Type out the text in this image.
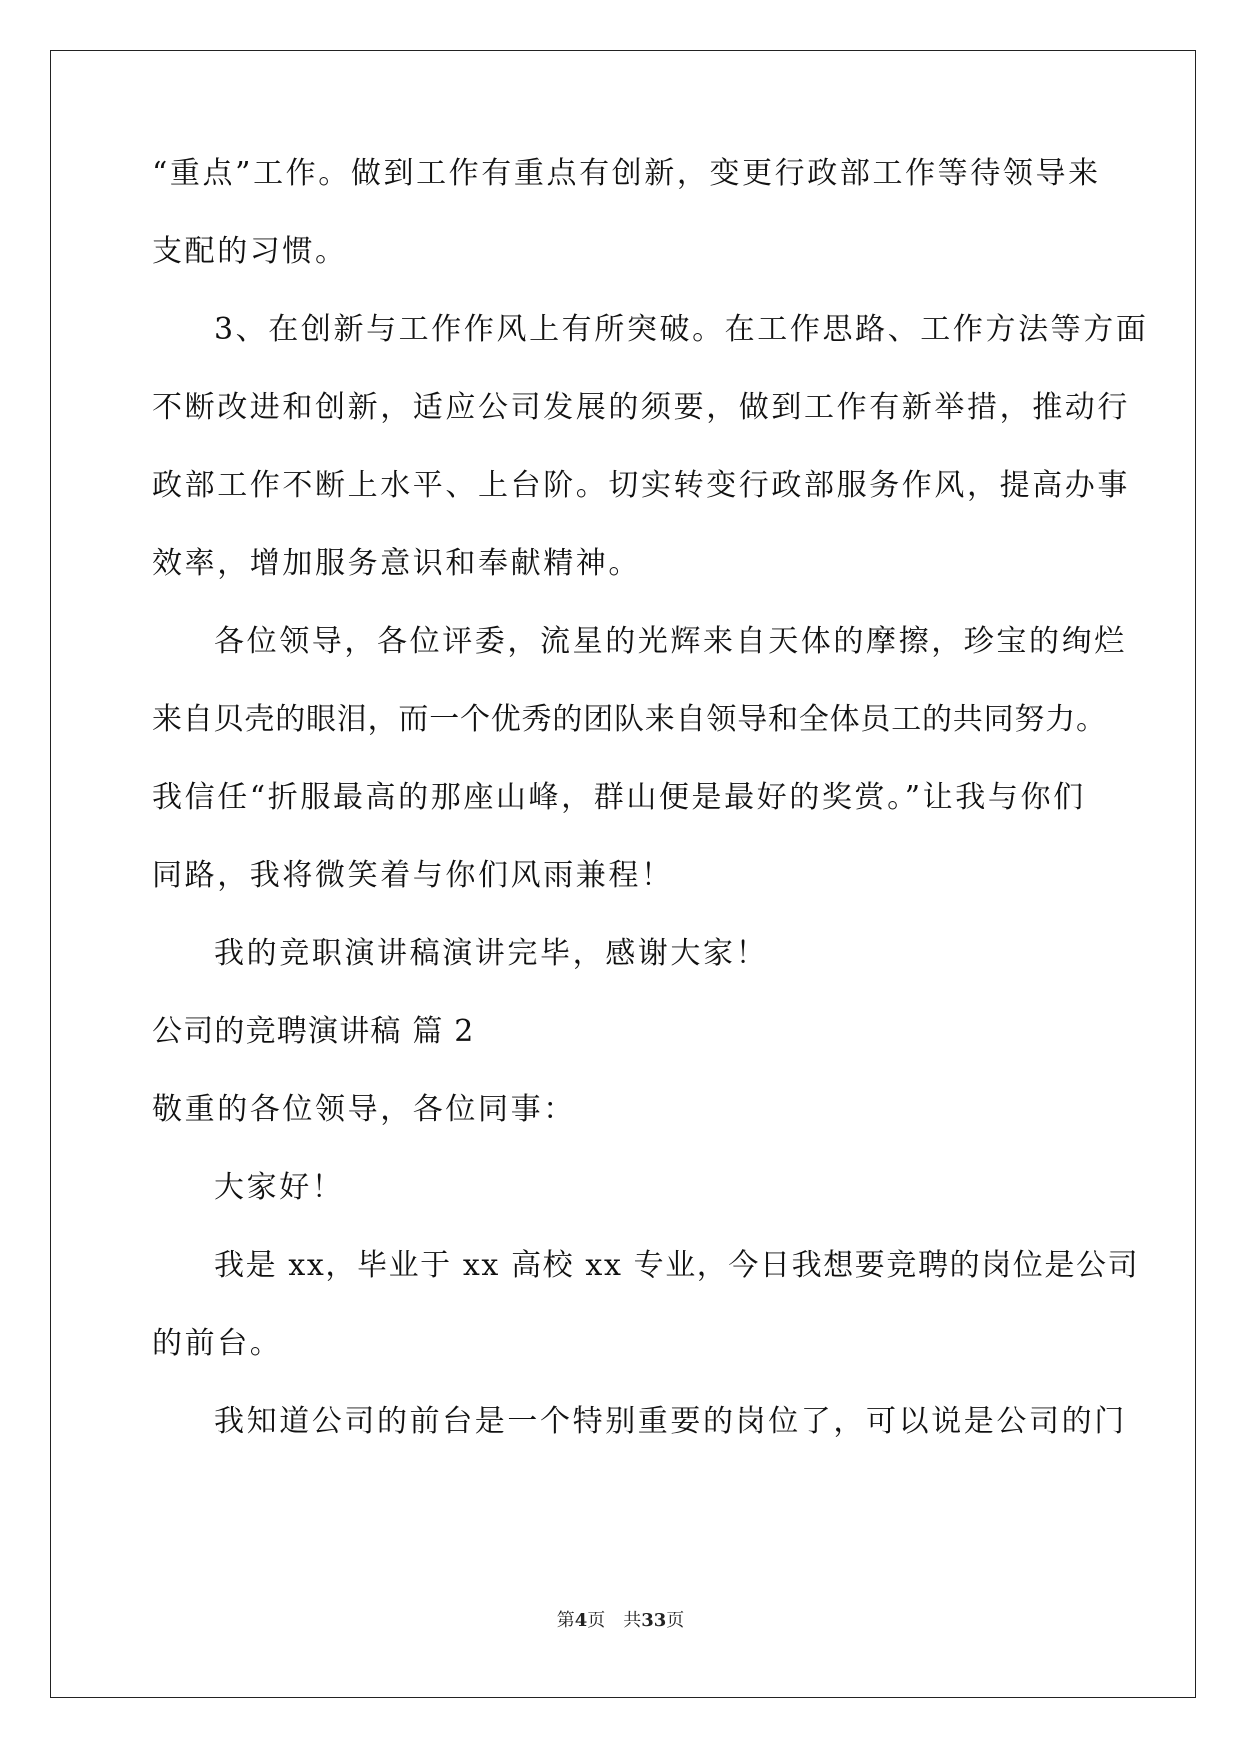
“重点”工作。做到工作有重点有创新，变更行政部工作等待领导来
支配的习惯。
3、在创新与工作作风上有所突破。在工作思路、工作方法等方面
不断改进和创新，适应公司发展的须要，做到工作有新举措，推动行
政部工作不断上水平、上台阶。切实转变行政部服务作风，提高办事
效率，增加服务意识和奉献精神。
各位领导，各位评委，流星的光辉来自天体的摩擦，珍宝的绚烂
来自贝壳的眼泪，而一个优秀的团队来自领导和全体员工的共同努力。
我信任“折服最高的那座山峰，群山便是最好的奖赏。”让我与你们
同路，我将微笑着与你们风雨兼程！
我的竞职演讲稿演讲完毕，感谢大家！
公司的竞聘演讲稿 篇 2
敬重的各位领导，各位同事：
大家好！
我是 xx，毕业于 xx 高校 xx 专业，今日我想要竞聘的岗位是公司
的前台。
我知道公司的前台是一个特别重要的岗位了，可以说是公司的门
第4页 共33页
